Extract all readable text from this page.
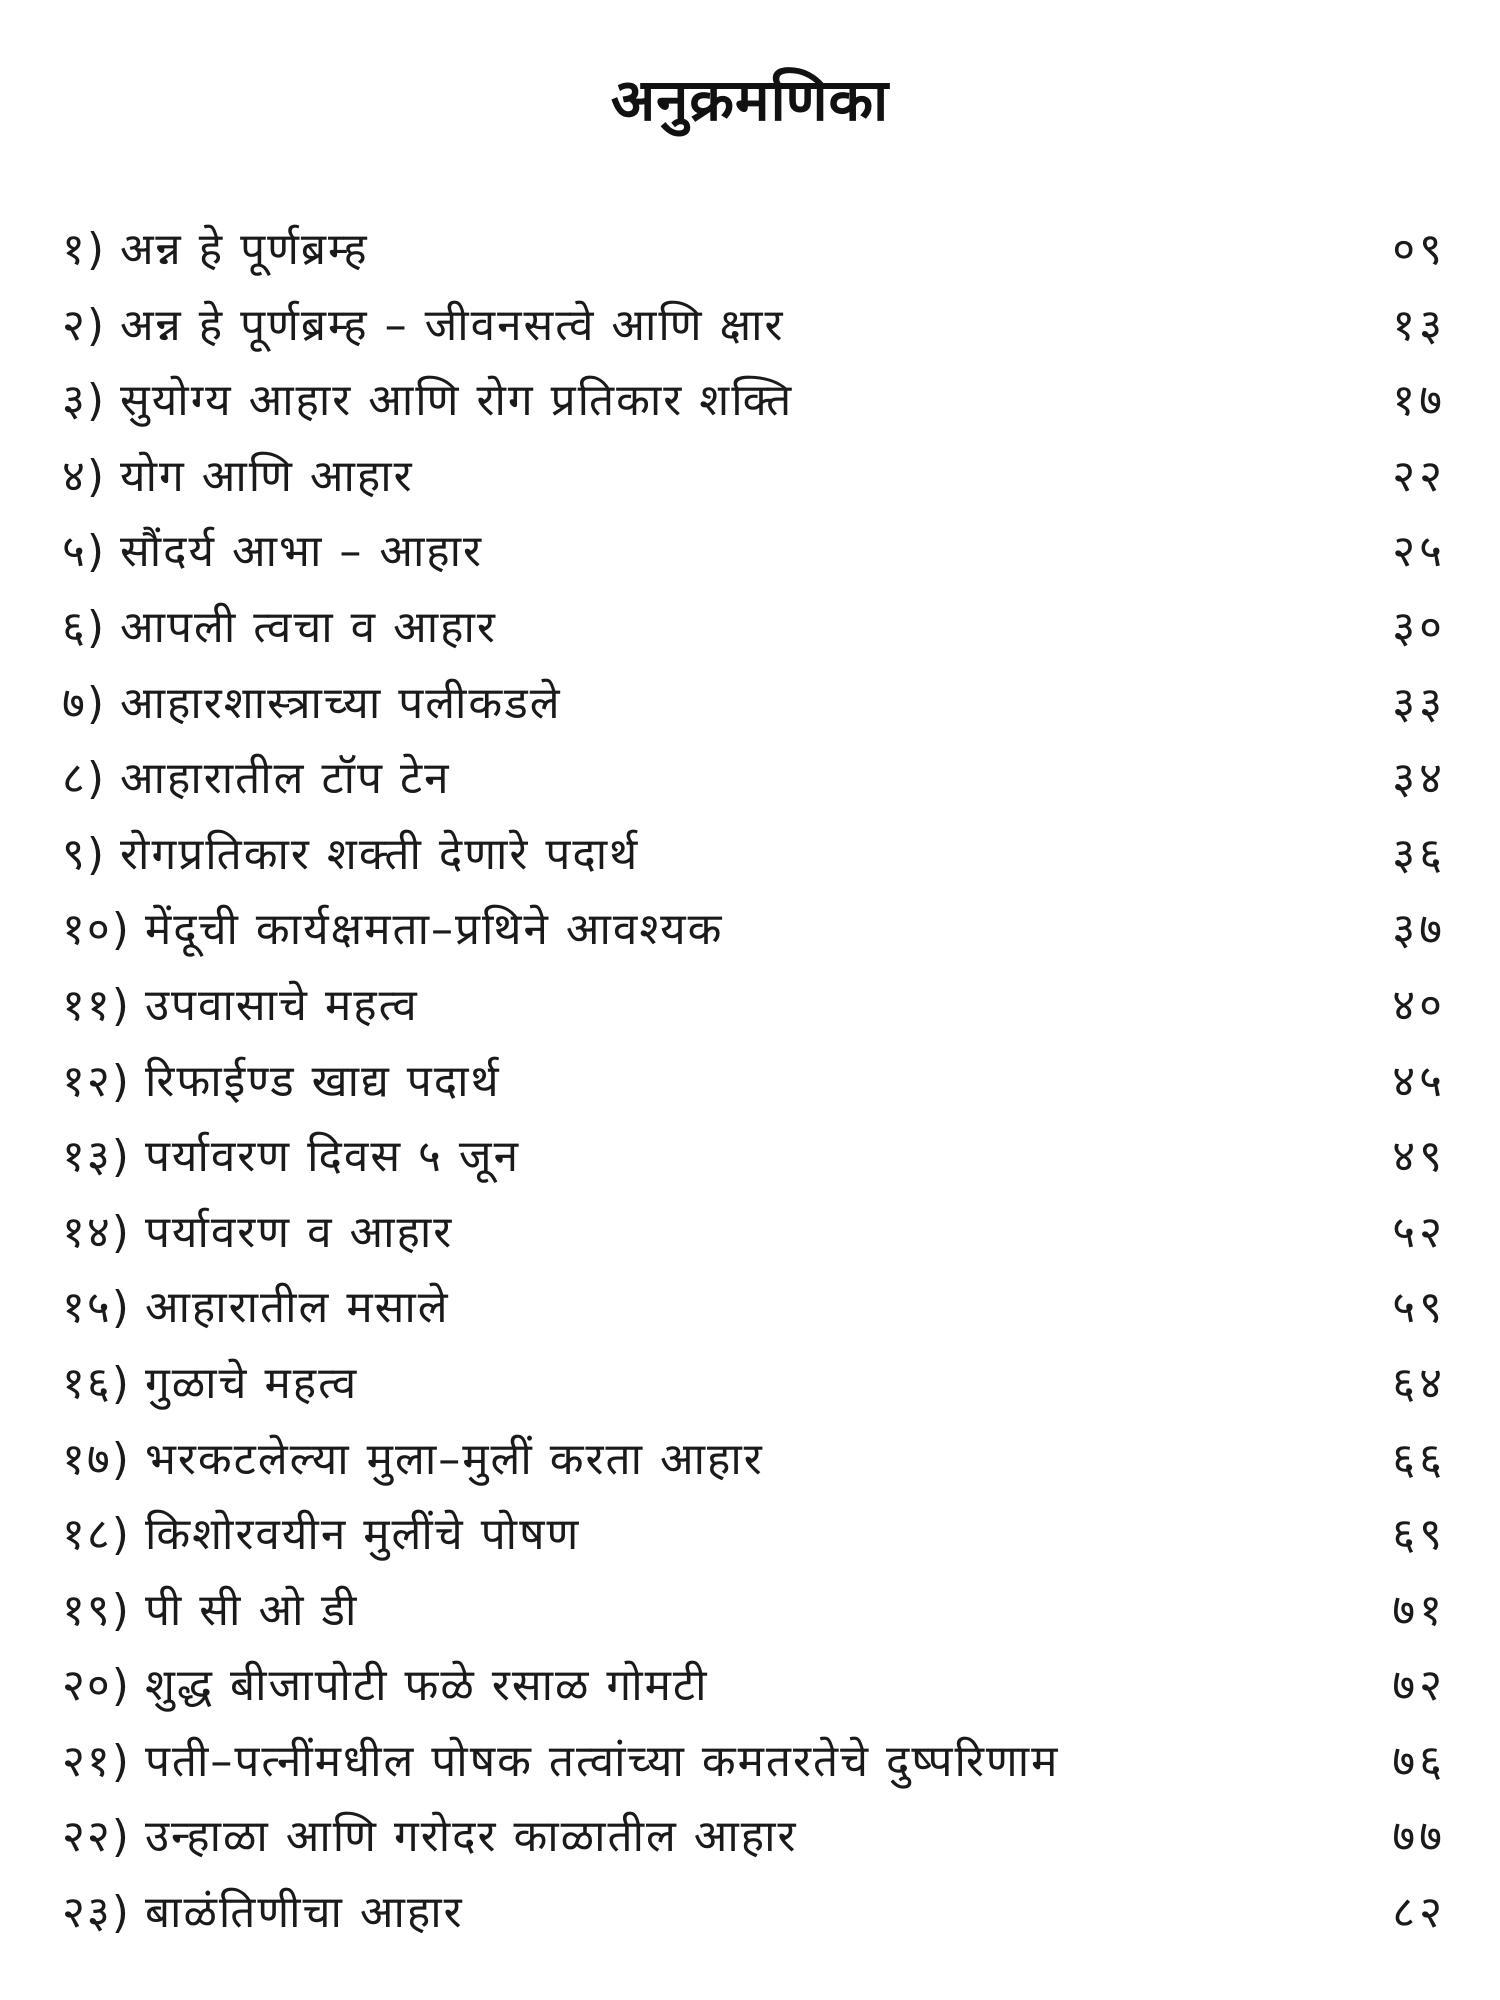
अनुक्रमणिका
१) अन्न हे पूर्णब्रम्ह	०९
२) अन्न हे पूर्णब्रम्ह – जीवनसत्वे आणि क्षार	१३
३) सुयोग्य आहार आणि रोग प्रतिकार शक्ति	१७
४) योग आणि आहार	२२
५) सौंदर्य आभा – आहार	२५
६) आपली त्वचा व आहार	३०
७) आहारशास्त्राच्या पलीकडले	३३
८) आहारातील टॉप टेन	३४
९) रोगप्रतिकार शक्ती देणारे पदार्थ	३६
१०) मेंदूची कार्यक्षमता–प्रथिने आवश्यक	३७
११) उपवासाचे महत्व	४०
१२) रिफाईण्ड खाद्य पदार्थ	४५
१३) पर्यावरण दिवस ५ जून	४९
१४) पर्यावरण व आहार	५२
१५) आहारातील मसाले	५९
१६) गुळाचे महत्व	६४
१७) भरकटलेल्या मुला–मुलीं करता आहार	६६
१८) किशोरवयीन मुलींचे पोषण	६९
१९) पी सी ओ डी	७१
२०) शुद्ध बीजापोटी फळे रसाळ गोमटी	७२
२१) पती–पत्नींमधील पोषक तत्वांच्या कमतरतेचे दुष्परिणाम	७६
२२) उन्हाळा आणि गरोदर काळातील आहार	७७
२३) बाळंतिणीचा आहार	८२
